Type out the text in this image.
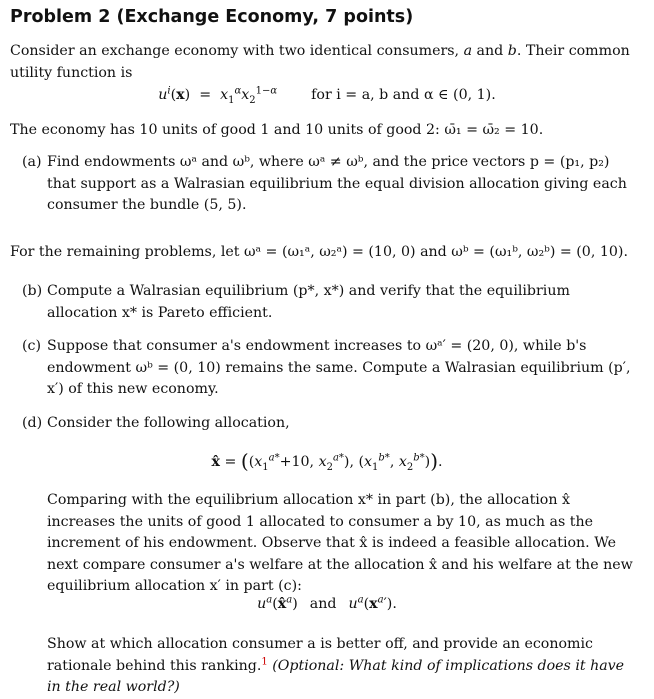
Problem 2 (Exchange Economy, 7 points)

Consider an exchange economy with two identical consumers, a and b. Their common utility function is

$u^i(x) = x_1^\alpha x_2^{1-\alpha}$ for i = a, b and α ∈ (0, 1).

The economy has 10 units of good 1 and 10 units of good 2: ω̄₁ = ω̄₂ = 10.

(a) Find endowments ωᵃ and ωᵇ, where ωᵃ ≠ ωᵇ, and the price vectors p = (p₁, p₂) that support as a Walrasian equilibrium the equal division allocation giving each consumer the bundle (5, 5).

For the remaining problems, let ωᵃ = (ω₁ᵃ, ω₂ᵃ) = (10, 0) and ωᵇ = (ω₁ᵇ, ω₂ᵇ) = (0, 10).

(b) Compute a Walrasian equilibrium (p*, x*) and verify that the equilibrium allocation x* is Pareto efficient.

(c) Suppose that consumer a's endowment increases to ωᵃ′ = (20, 0), while b's endowment ωᵇ = (0, 10) remains the same. Compute a Walrasian equilibrium (p′, x′) of this new economy.

(d) Consider the following allocation,

x̂ = (($x_1^{a*}+10$, $x_2^{a*}$), ($x_1^{b*}$, $x_2^{b*}$)).

Comparing with the equilibrium allocation x* in part (b), the allocation x̂ increases the units of good 1 allocated to consumer a by 10, as much as the increment of his endowment. Observe that x̂ is indeed a feasible allocation. We next compare consumer a's welfare at the allocation x̂ and his welfare at the new equilibrium allocation x′ in part (c):

$u^a(x̂^a)$ and $u^a(x^a')$.

Show at which allocation consumer a is better off, and provide an economic rationale behind this ranking.$^1$ (Optional: What kind of implications does it have in the real world?)
